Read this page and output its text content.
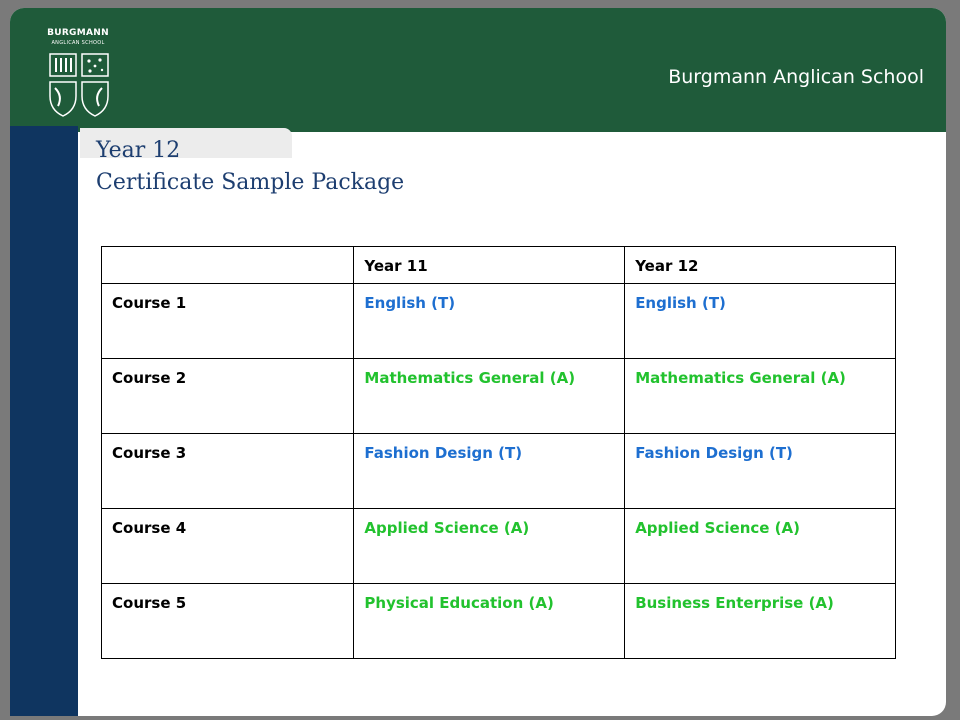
BURGMANN
ANGLICAN SCHOOL
Burgmann Anglican School
Year 12
Certificate Sample Package
	Year 11	Year 12
Course 1	English (T)	English (T)
Course 2	Mathematics General (A)	Mathematics General (A)
Course 3	Fashion Design (T)	Fashion Design (T)
Course 4	Applied Science (A)	Applied Science (A)
Course 5	Physical Education (A)	Business Enterprise (A)
